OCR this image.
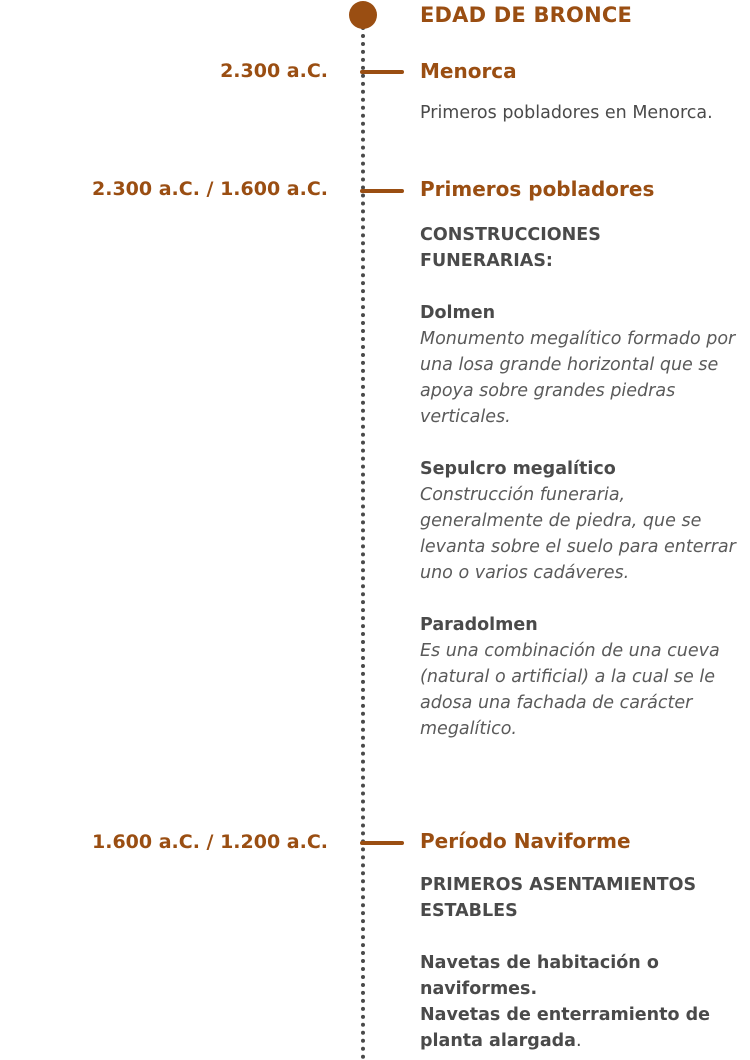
EDAD DE BRONCE
2.300 a.C.	Menorca
Primeros pobladores en Menorca.
2.300 a.C. / 1.600 a.C.	Primeros pobladores
CONSTRUCCIONES FUNERARIAS:
Dolmen
Monumento megalítico formado por una losa grande horizontal que se apoya sobre grandes piedras verticales.
Sepulcro megalítico
Construcción funeraria, generalmente de piedra, que se levanta sobre el suelo para enterrar uno o varios cadáveres.
Paradolmen
Es una combinación de una cueva (natural o artificial) a la cual se le adosa una fachada de carácter megalítico.
1.600 a.C. / 1.200 a.C.	Período Naviforme
PRIMEROS ASENTAMIENTOS ESTABLES
Navetas de habitación o naviformes.
Navetas de enterramiento de planta alargada.
